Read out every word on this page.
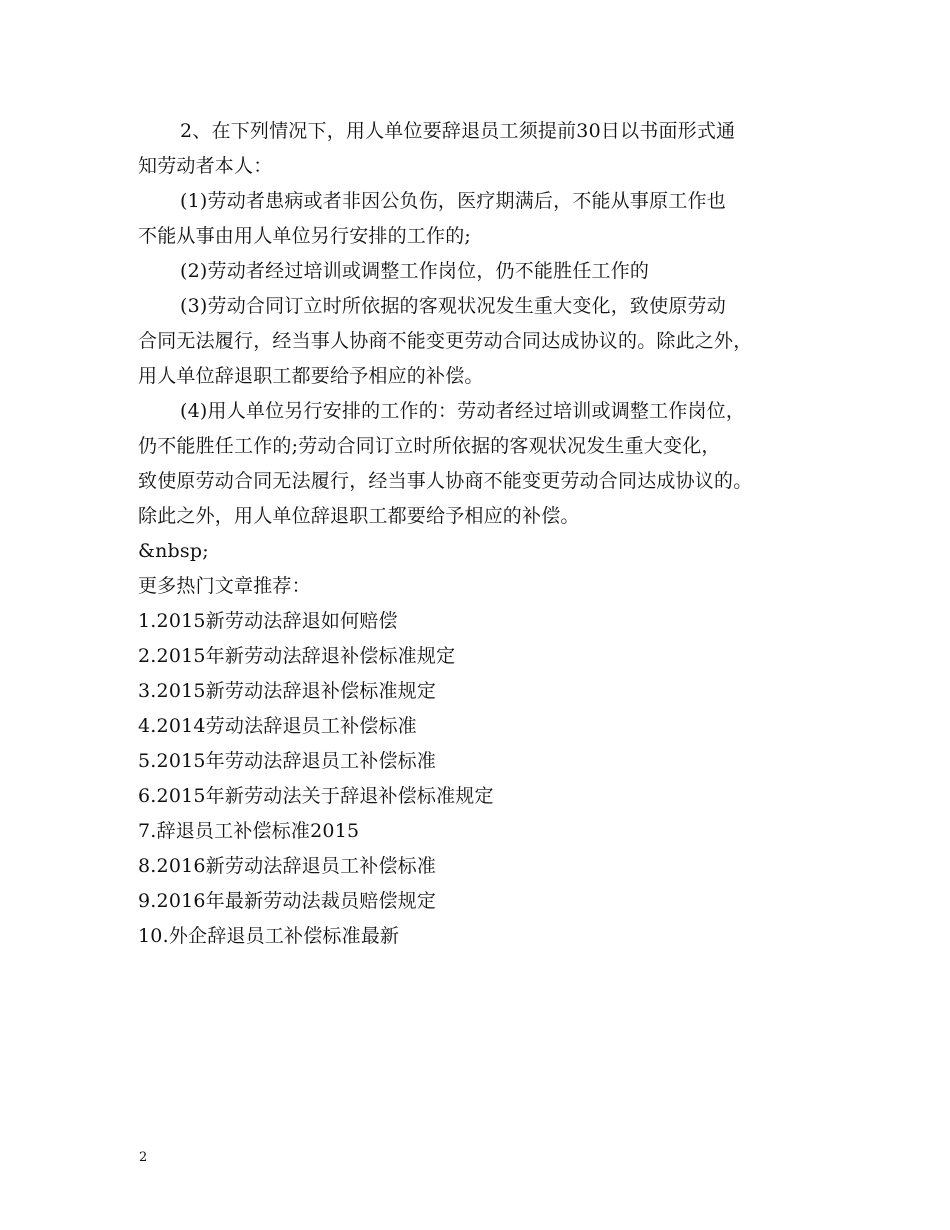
2、在下列情况下，用人单位要辞退员工须提前30日以书面形式通
知劳动者本人：
(1)劳动者患病或者非因公负伤，医疗期满后，不能从事原工作也
不能从事由用人单位另行安排的工作的;
(2)劳动者经过培训或调整工作岗位，仍不能胜任工作的
(3)劳动合同订立时所依据的客观状况发生重大变化，致使原劳动
合同无法履行，经当事人协商不能变更劳动合同达成协议的。除此之外，
用人单位辞退职工都要给予相应的补偿。
(4)用人单位另行安排的工作的：劳动者经过培训或调整工作岗位，
仍不能胜任工作的;劳动合同订立时所依据的客观状况发生重大变化，
致使原劳动合同无法履行，经当事人协商不能变更劳动合同达成协议的。
除此之外，用人单位辞退职工都要给予相应的补偿。
&nbsp;
更多热门文章推荐：
1.2015新劳动法辞退如何赔偿
2.2015年新劳动法辞退补偿标准规定
3.2015新劳动法辞退补偿标准规定
4.2014劳动法辞退员工补偿标准
5.2015年劳动法辞退员工补偿标准
6.2015年新劳动法关于辞退补偿标准规定
7.辞退员工补偿标准2015
8.2016新劳动法辞退员工补偿标准
9.2016年最新劳动法裁员赔偿规定
10.外企辞退员工补偿标准最新
2
